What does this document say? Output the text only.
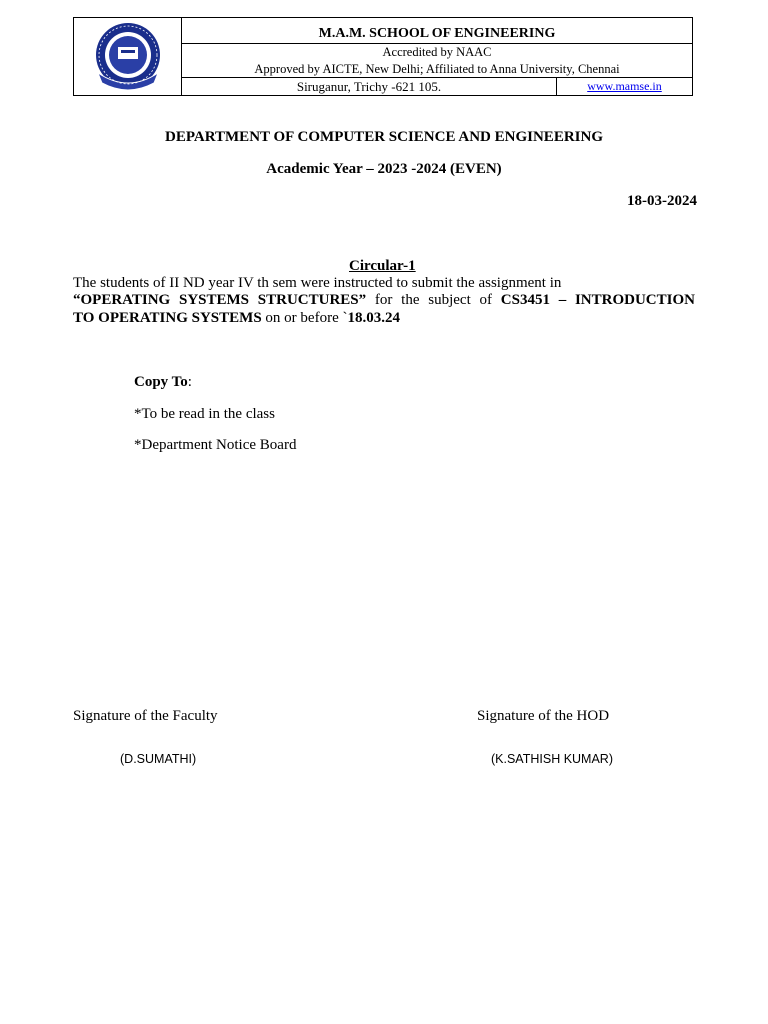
M.A.M. SCHOOL OF ENGINEERING
Accredited by NAAC
Approved by AICTE, New Delhi; Affiliated to Anna University, Chennai
Siruganur, Trichy -621 105.	www.mamse.in
DEPARTMENT OF COMPUTER SCIENCE AND ENGINEERING
Academic Year – 2023 -2024 (EVEN)
18-03-2024
Circular-1
The students of II ND year IV th sem were instructed to submit the assignment in
“OPERATING SYSTEMS STRUCTURES” for the subject of CS3451 – INTRODUCTION
TO OPERATING SYSTEMS on or before `18.03.24
Copy To:
*To be read in the class
*Department Notice Board
Signature of the Faculty
(D.SUMATHI)
Signature of the HOD
(K.SATHISH KUMAR)
